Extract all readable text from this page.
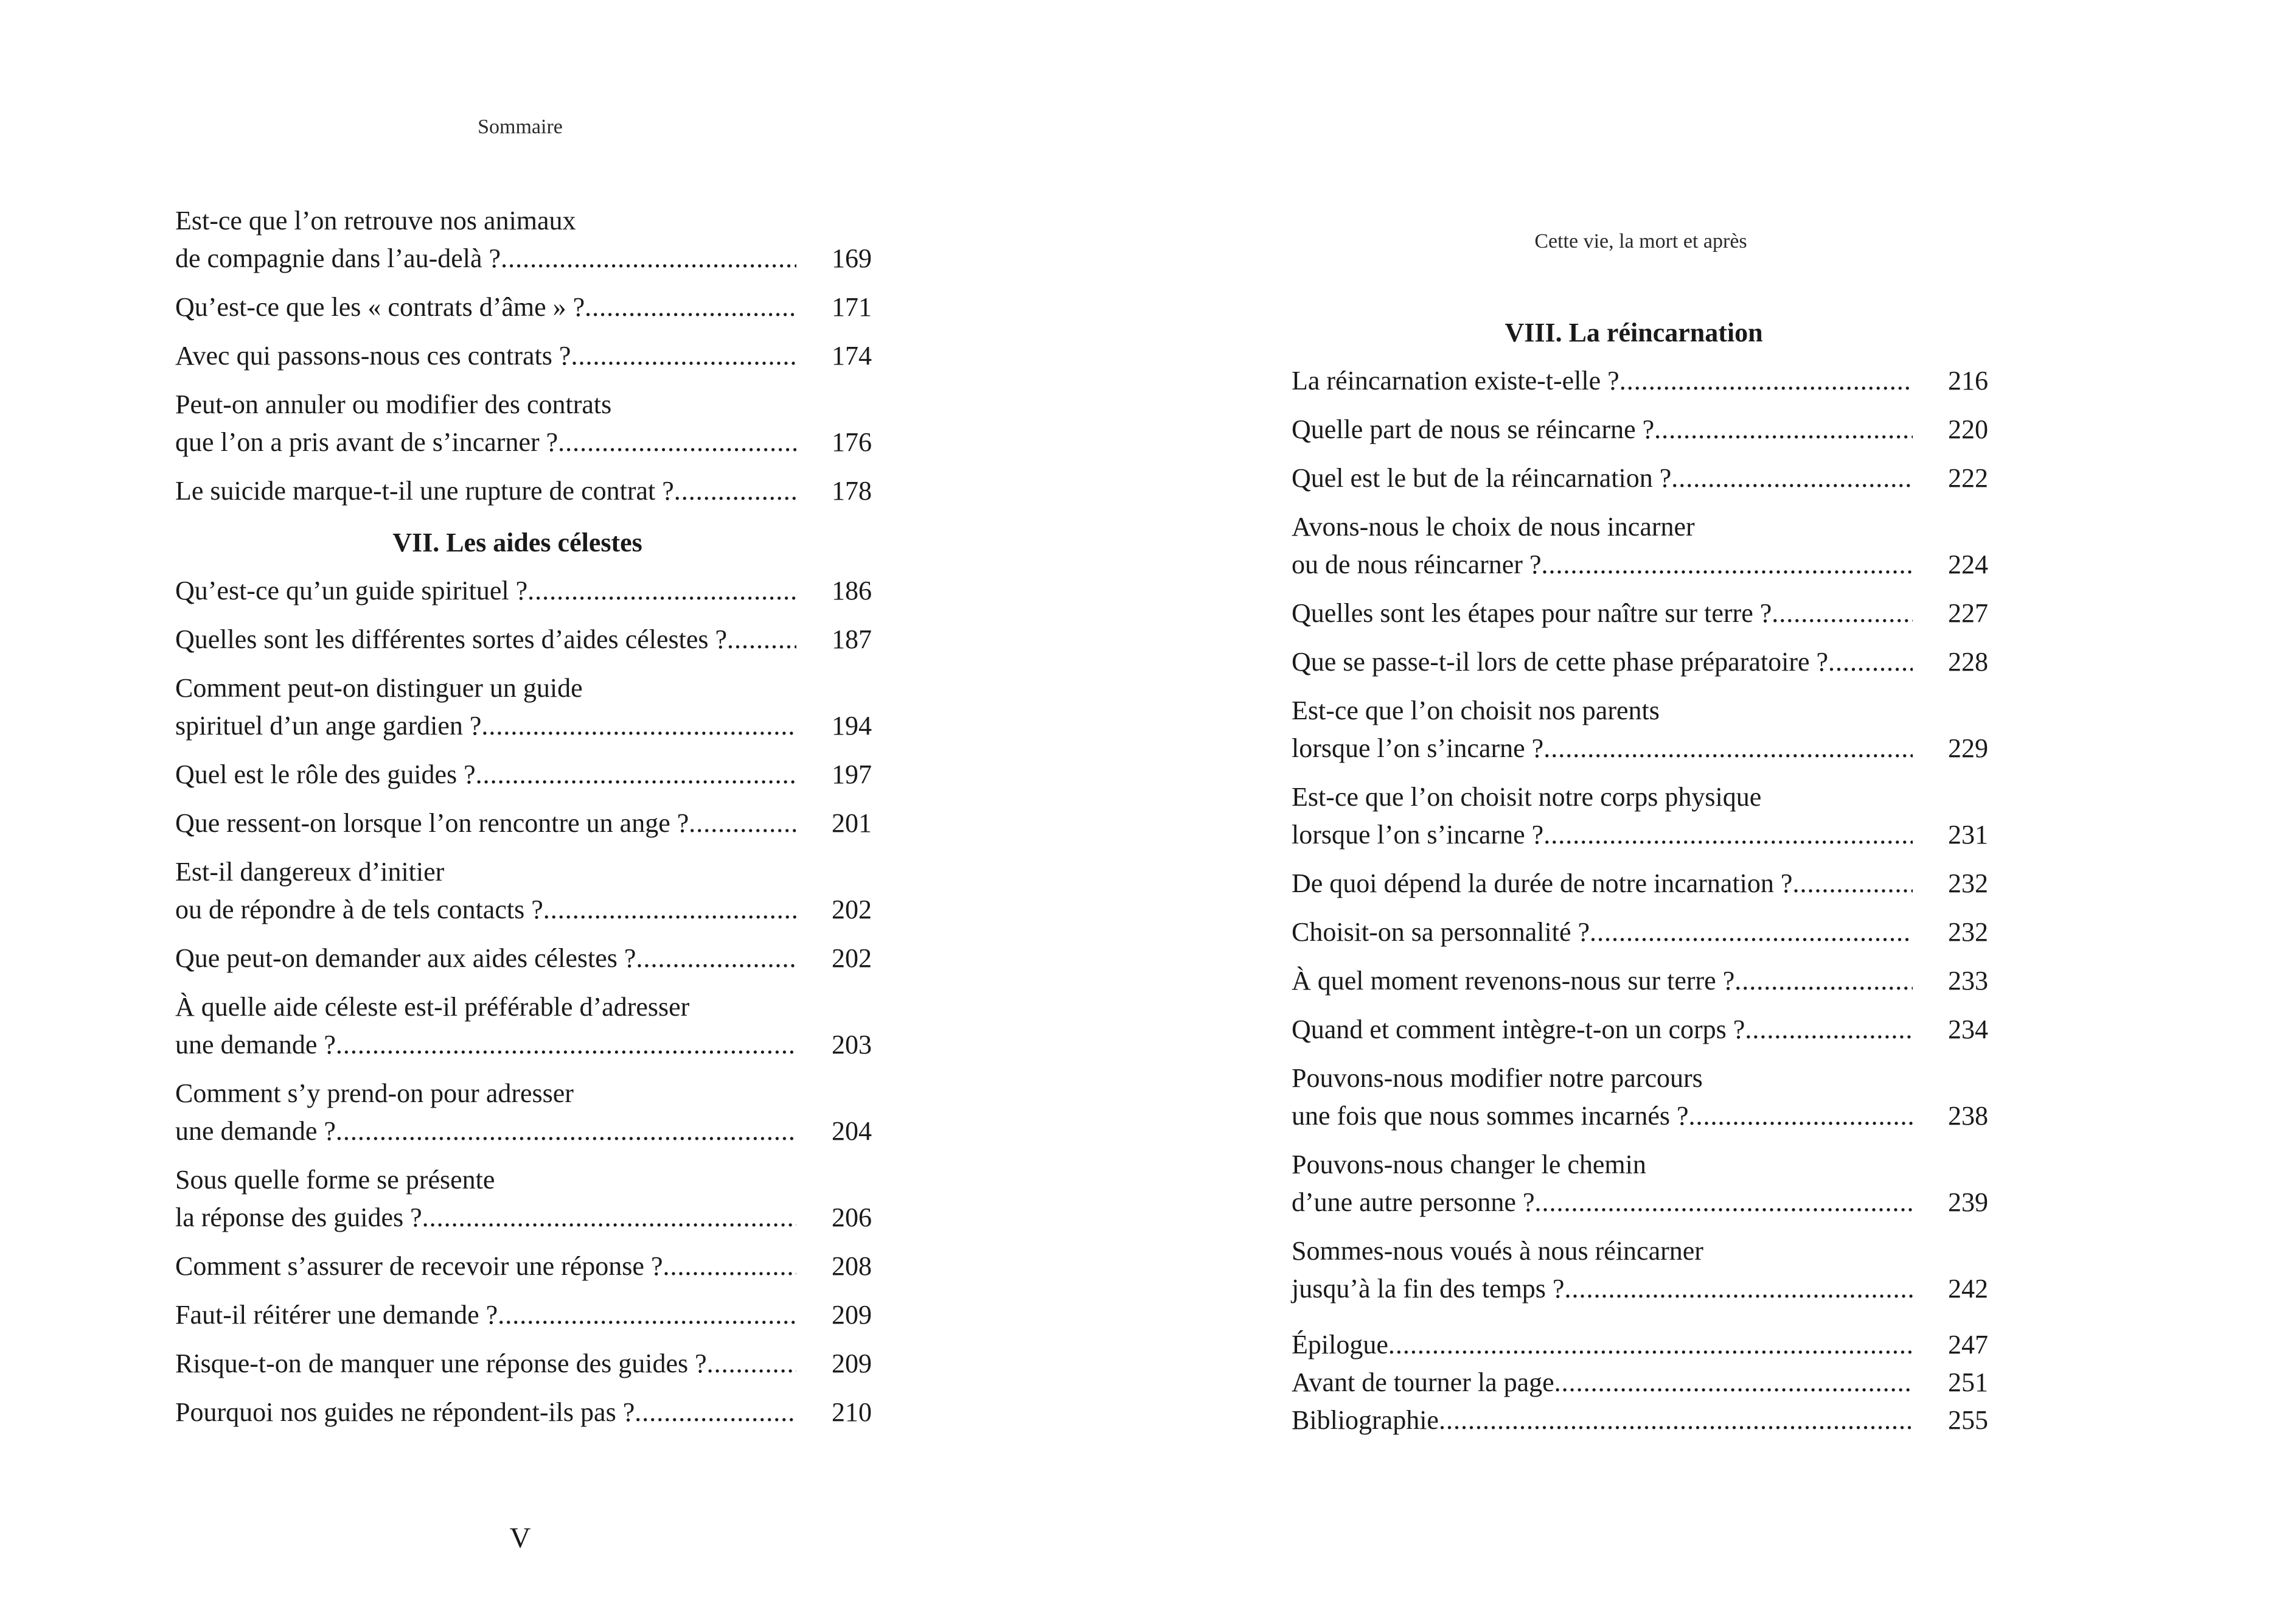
Sommaire
Est-ce que l’on retrouve nos animaux
de compagnie dans l’au-delà ? .....	169
Qu’est-ce que les « contrats d’âme » ? .....	171
Avec qui passons-nous ces contrats ? .....	174
Peut-on annuler ou modifier des contrats
que l’on a pris avant de s’incarner ? .....	176
Le suicide marque-t-il une rupture de contrat ? .....	178
VII. Les aides célestes
Qu’est-ce qu’un guide spirituel ? .....	186
Quelles sont les différentes sortes d’aides célestes ? .....	187
Comment peut-on distinguer un guide
spirituel d’un ange gardien ? .....	194
Quel est le rôle des guides ? .....	197
Que ressent-on lorsque l’on rencontre un ange ? .....	201
Est-il dangereux d’initier
ou de répondre à de tels contacts ? .....	202
Que peut-on demander aux aides célestes ? .....	202
À quelle aide céleste est-il préférable d’adresser
une demande ? .....	203
Comment s’y prend-on pour adresser
une demande ? .....	204
Sous quelle forme se présente
la réponse des guides ? .....	206
Comment s’assurer de recevoir une réponse ? .....	208
Faut-il réitérer une demande ? .....	209
Risque-t-on de manquer une réponse des guides ? .....	209
Pourquoi nos guides ne répondent-ils pas ? .....	210
V
Cette vie, la mort et après
VIII. La réincarnation
La réincarnation existe-t-elle ? .....	216
Quelle part de nous se réincarne ? .....	220
Quel est le but de la réincarnation ? .....	222
Avons-nous le choix de nous incarner
ou de nous réincarner ? .....	224
Quelles sont les étapes pour naître sur terre ? .....	227
Que se passe-t-il lors de cette phase préparatoire ? .....	228
Est-ce que l’on choisit nos parents
lorsque l’on s’incarne ? .....	229
Est-ce que l’on choisit notre corps physique
lorsque l’on s’incarne ? .....	231
De quoi dépend la durée de notre incarnation ? .....	232
Choisit-on sa personnalité ? .....	232
À quel moment revenons-nous sur terre ? .....	233
Quand et comment intègre-t-on un corps ? .....	234
Pouvons-nous modifier notre parcours
une fois que nous sommes incarnés ? .....	238
Pouvons-nous changer le chemin
d’une autre personne ? .....	239
Sommes-nous voués à nous réincarner
jusqu’à la fin des temps ? .....	242
Épilogue .....	247
Avant de tourner la page .....	251
Bibliographie .....	255
